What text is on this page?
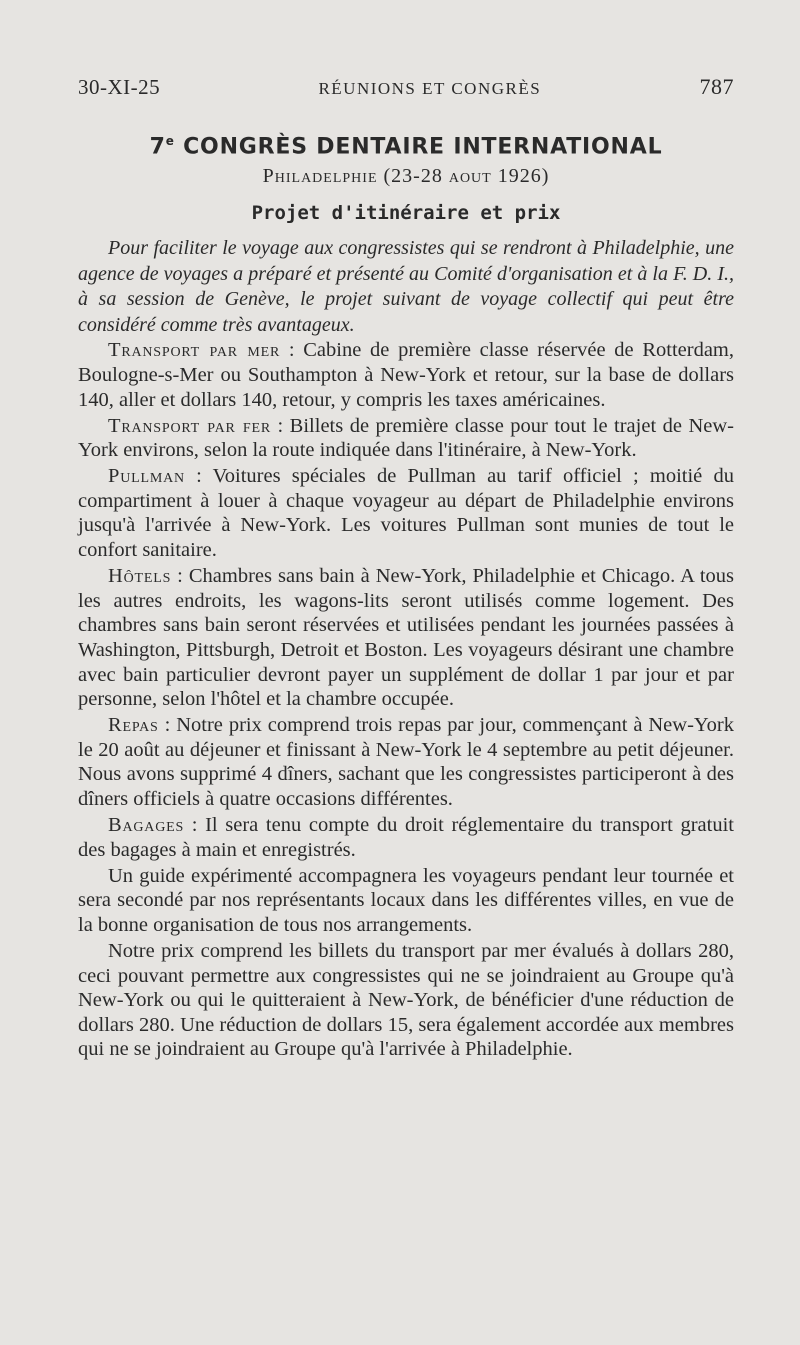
30-XI-25	RÉUNIONS ET CONGRÈS	787
7e CONGRÈS DENTAIRE INTERNATIONAL
Philadelphie (23-28 aout 1926)
Projet d'itinéraire et prix

Pour faciliter le voyage aux congressistes qui se rendront à Philadelphie, une agence de voyages a préparé et présenté au Comité d'organisation et à la F. D. I., à sa session de Genève, le projet suivant de voyage collectif qui peut être considéré comme très avantageux.

Transport par mer : Cabine de première classe réservée de Rotterdam, Boulogne-s-Mer ou Southampton à New-York et retour, sur la base de dollars 140, aller et dollars 140, retour, y compris les taxes américaines.

Transport par fer : Billets de première classe pour tout le trajet de New-York environs, selon la route indiquée dans l'itinéraire, à New-York.

Pullman : Voitures spéciales de Pullman au tarif officiel ; moitié du compartiment à louer à chaque voyageur au départ de Philadelphie environs jusqu'à l'arrivée à New-York. Les voitures Pullman sont munies de tout le confort sanitaire.

Hôtels : Chambres sans bain à New-York, Philadelphie et Chicago. A tous les autres endroits, les wagons-lits seront utilisés comme logement. Des chambres sans bain seront réservées et utilisées pendant les journées passées à Washington, Pittsburgh, Detroit et Boston. Les voyageurs désirant une chambre avec bain particulier devront payer un supplément de dollar 1 par jour et par personne, selon l'hôtel et la chambre occupée.

Repas : Notre prix comprend trois repas par jour, commençant à New-York le 20 août au déjeuner et finissant à New-York le 4 septembre au petit déjeuner. Nous avons supprimé 4 dîners, sachant que les congressistes participeront à des dîners officiels à quatre occasions différentes.

Bagages : Il sera tenu compte du droit réglementaire du transport gratuit des bagages à main et enregistrés.

Un guide expérimenté accompagnera les voyageurs pendant leur tournée et sera secondé par nos représentants locaux dans les différentes villes, en vue de la bonne organisation de tous nos arrangements.

Notre prix comprend les billets du transport par mer évalués à dollars 280, ceci pouvant permettre aux congressistes qui ne se joindraient au Groupe qu'à New-York ou qui le quitteraient à New-York, de bénéficier d'une réduction de dollars 280. Une réduction de dollars 15, sera également accordée aux membres qui ne se joindraient au Groupe qu'à l'arrivée à Philadelphie.
